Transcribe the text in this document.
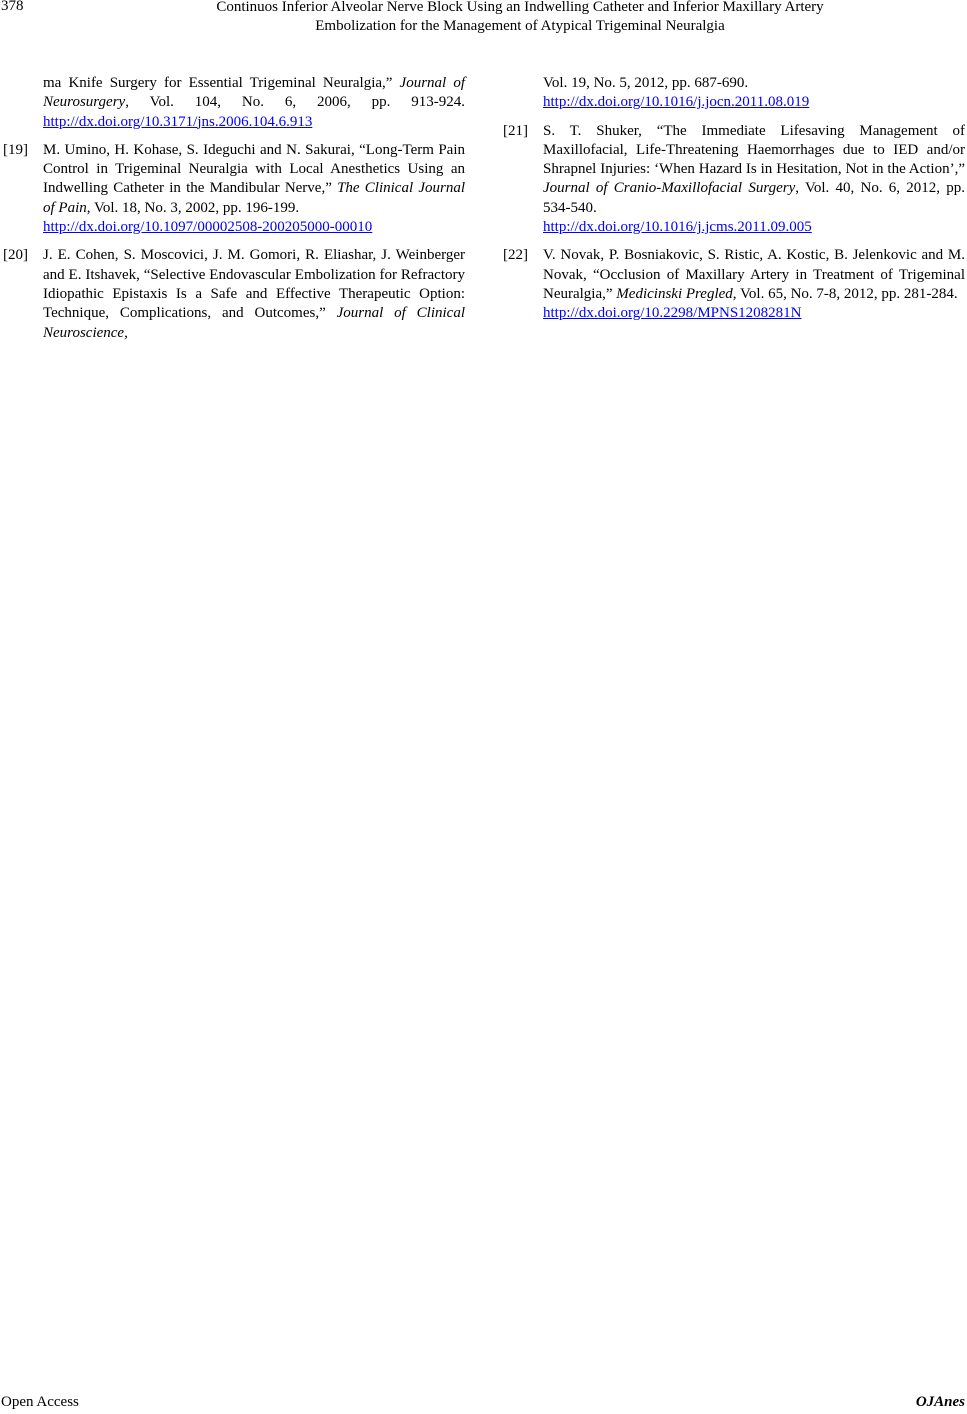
378	Continuos Inferior Alveolar Nerve Block Using an Indwelling Catheter and Inferior Maxillary Artery
Embolization for the Management of Atypical Trigeminal Neuralgia
ma Knife Surgery for Essential Trigeminal Neuralgia,” Journal of Neurosurgery, Vol. 104, No. 6, 2006, pp. 913-924. http://dx.doi.org/10.3171/jns.2006.104.6.913
[19] M. Umino, H. Kohase, S. Ideguchi and N. Sakurai, “Long-Term Pain Control in Trigeminal Neuralgia with Local Anesthetics Using an Indwelling Catheter in the Mandibular Nerve,” The Clinical Journal of Pain, Vol. 18, No. 3, 2002, pp. 196-199.
http://dx.doi.org/10.1097/00002508-200205000-00010
[20] J. E. Cohen, S. Moscovici, J. M. Gomori, R. Eliashar, J. Weinberger and E. Itshavek, “Selective Endovascular Embolization for Refractory Idiopathic Epistaxis Is a Safe and Effective Therapeutic Option: Technique, Complications, and Outcomes,” Journal of Clinical Neuroscience,
Vol. 19, No. 5, 2012, pp. 687-690.
http://dx.doi.org/10.1016/j.jocn.2011.08.019
[21] S. T. Shuker, “The Immediate Lifesaving Management of Maxillofacial, Life-Threatening Haemorrhages due to IED and/or Shrapnel Injuries: ‘When Hazard Is in Hesitation, Not in the Action’,” Journal of Cranio-Maxillofacial Surgery, Vol. 40, No. 6, 2012, pp. 534-540.
http://dx.doi.org/10.1016/j.jcms.2011.09.005
[22] V. Novak, P. Bosniakovic, S. Ristic, A. Kostic, B. Jelenkovic and M. Novak, “Occlusion of Maxillary Artery in Treatment of Trigeminal Neuralgia,” Medicinski Pregled, Vol. 65, No. 7-8, 2012, pp. 281-284.
http://dx.doi.org/10.2298/MPNS1208281N
Open Access	OJAnes
